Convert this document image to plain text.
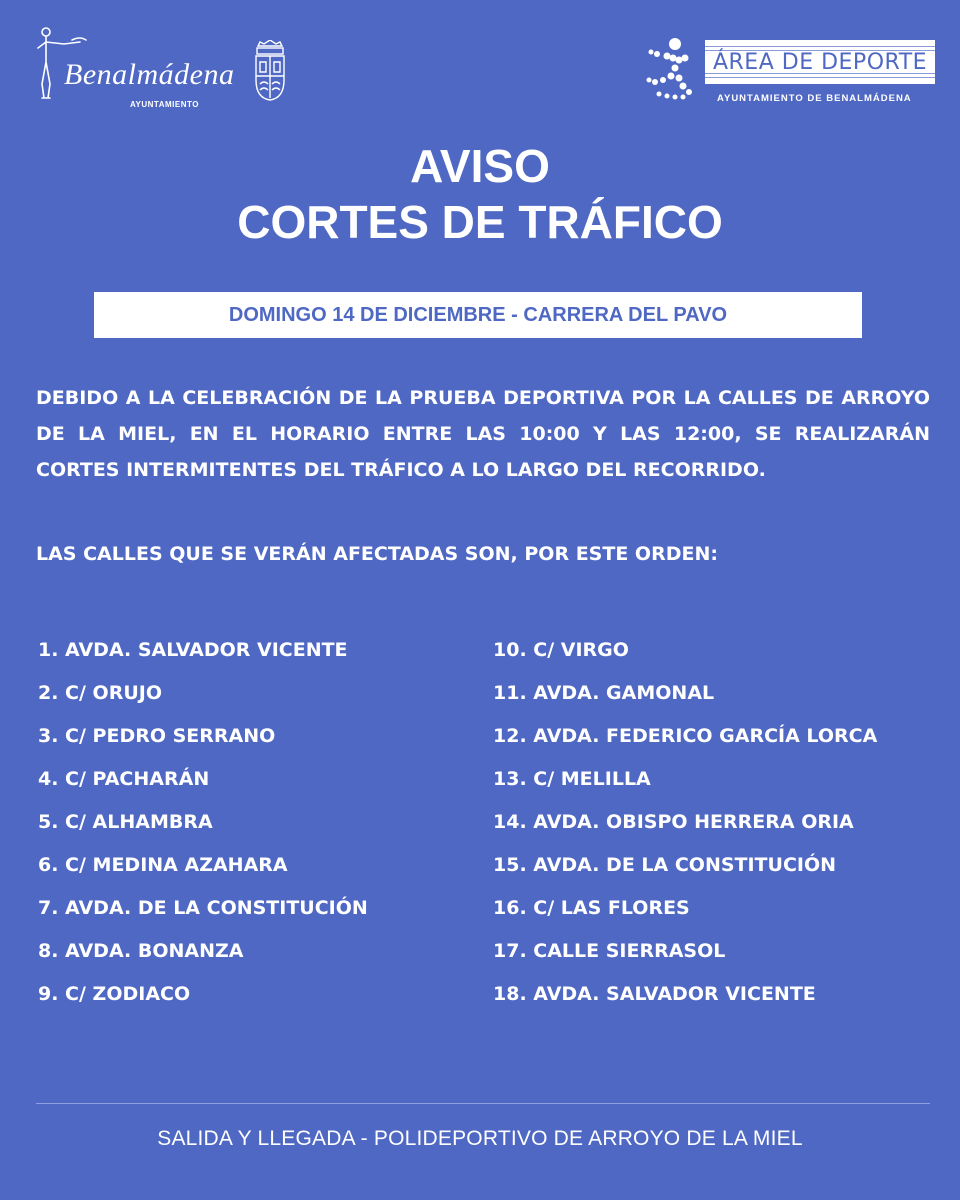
Benalmádena
AYUNTAMIENTO
ÁREA DE DEPORTE
AYUNTAMIENTO DE BENALMÁDENA
AVISO
CORTES DE TRÁFICO
DOMINGO 14 DE DICIEMBRE - CARRERA DEL PAVO

DEBIDO A LA CELEBRACIÓN DE LA PRUEBA DEPORTIVA POR LA CALLES DE ARROYO DE LA MIEL, EN EL HORARIO ENTRE LAS 10:00 Y LAS 12:00, SE REALIZARÁN CORTES INTERMITENTES DEL TRÁFICO A LO LARGO DEL RECORRIDO.

LAS CALLES QUE SE VERÁN AFECTADAS SON, POR ESTE ORDEN:

1. AVDA. SALVADOR VICENTE
2. C/ ORUJO
3. C/ PEDRO SERRANO
4. C/ PACHARÁN
5. C/ ALHAMBRA
6. C/ MEDINA AZAHARA
7. AVDA. DE LA CONSTITUCIÓN
8. AVDA. BONANZA
9. C/ ZODIACO
10. C/ VIRGO
11. AVDA. GAMONAL
12. AVDA. FEDERICO GARCÍA LORCA
13. C/ MELILLA
14. AVDA. OBISPO HERRERA ORIA
15. AVDA. DE LA CONSTITUCIÓN
16. C/ LAS FLORES
17. CALLE SIERRASOL
18. AVDA. SALVADOR VICENTE
SALIDA Y LLEGADA - POLIDEPORTIVO DE ARROYO DE LA MIEL
